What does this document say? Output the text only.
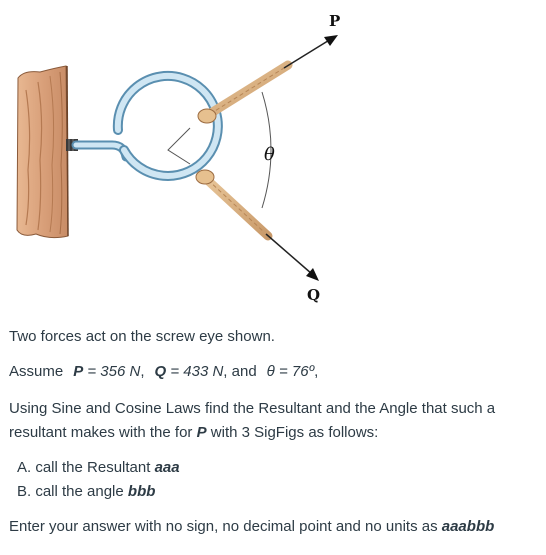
P
Q
θ

Two forces act on the screw eye shown.

Assume P = 356 N, Q = 433 N, and θ = 76º,

Using Sine and Cosine Laws find the Resultant and the Angle that such a

resultant makes with the for P with 3 SigFigs as follows:

A. call the Resultant aaa
B. call the angle bbb

Enter your answer with no sign, no decimal point and no units as aaabbb
